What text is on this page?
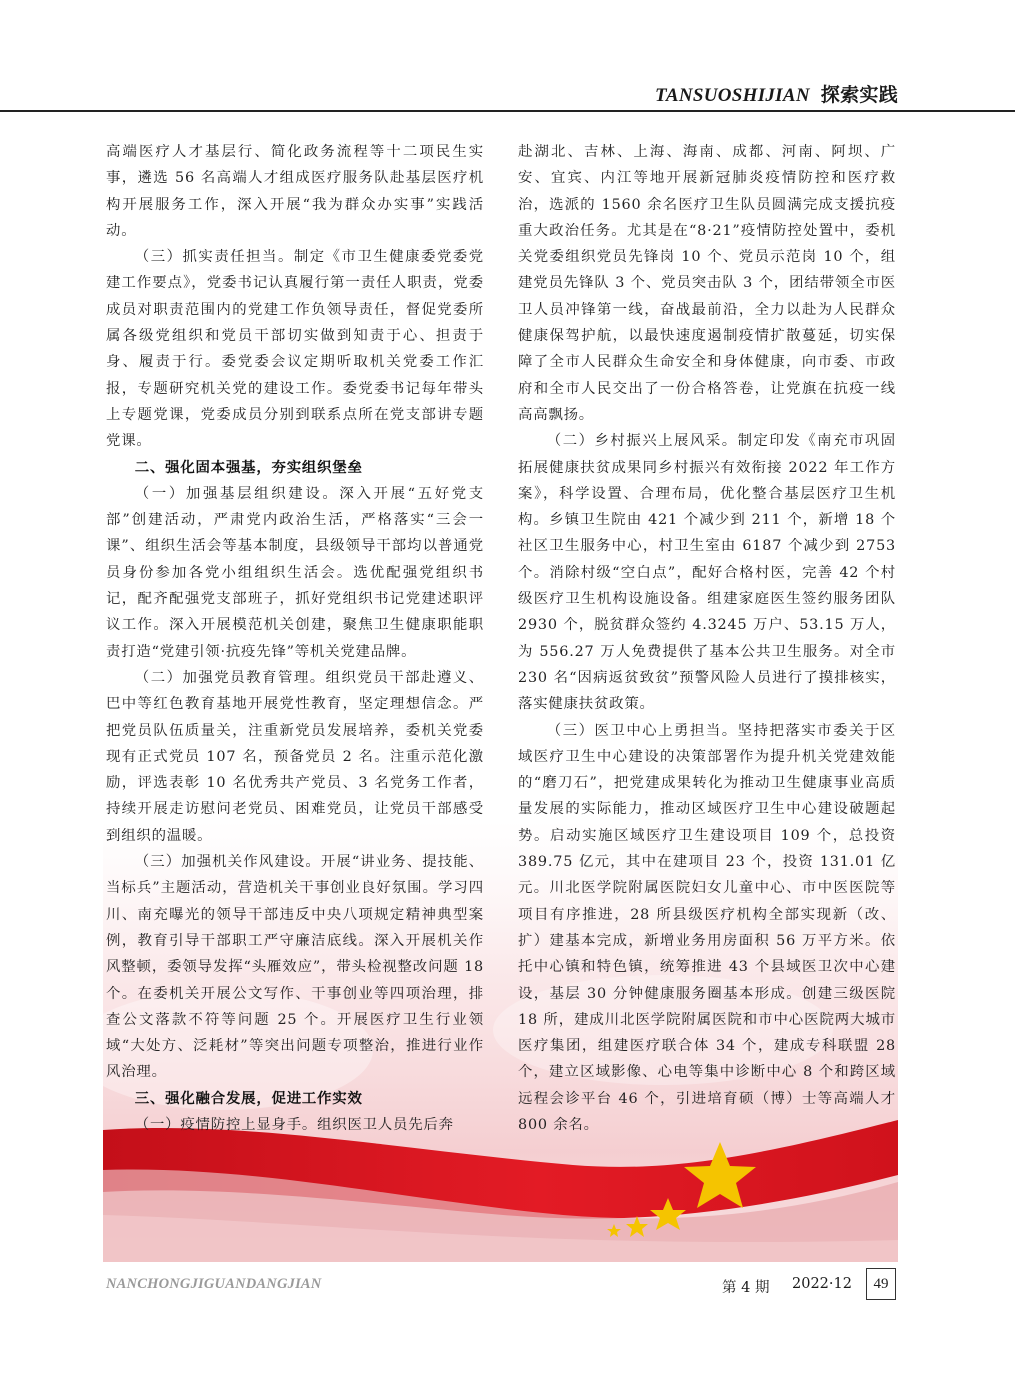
TANSUOSHIJIAN 探索实践

高端医疗人才基层行、简化政务流程等十二项民生实事，遴选 56 名高端人才组成医疗服务队赴基层医疗机构开展服务工作，深入开展“我为群众办实事”实践活动。

（三）抓实责任担当。制定《市卫生健康委党委党建工作要点》，党委书记认真履行第一责任人职责，党委成员对职责范围内的党建工作负领导责任，督促党委所属各级党组织和党员干部切实做到知责于心、担责于身、履责于行。委党委会议定期听取机关党委工作汇报，专题研究机关党的建设工作。委党委书记每年带头上专题党课，党委成员分别到联系点所在党支部讲专题党课。

二、强化固本强基，夯实组织堡垒

（一）加强基层组织建设。深入开展“五好党支部”创建活动，严肃党内政治生活，严格落实“三会一课”、组织生活会等基本制度，县级领导干部均以普通党员身份参加各党小组组织生活会。选优配强党组织书记，配齐配强党支部班子，抓好党组织书记党建述职评议工作。深入开展模范机关创建，聚焦卫生健康职能职责打造“党建引领·抗疫先锋”等机关党建品牌。

（二）加强党员教育管理。组织党员干部赴遵义、巴中等红色教育基地开展党性教育，坚定理想信念。严把党员队伍质量关，注重新党员发展培养，委机关党委现有正式党员 107 名，预备党员 2 名。注重示范化激励，评选表彰 10 名优秀共产党员、3 名党务工作者，持续开展走访慰问老党员、困难党员，让党员干部感受到组织的温暖。

（三）加强机关作风建设。开展“讲业务、提技能、当标兵”主题活动，营造机关干事创业良好氛围。学习四川、南充曝光的领导干部违反中央八项规定精神典型案例，教育引导干部职工严守廉洁底线。深入开展机关作风整顿，委领导发挥“头雁效应”，带头检视整改问题 18 个。在委机关开展公文写作、干事创业等四项治理，排查公文落款不符等问题 25 个。开展医疗卫生行业领域“大处方、泛耗材”等突出问题专项整治，推进行业作风治理。

三、强化融合发展，促进工作实效

（一）疫情防控上显身手。组织医卫人员先后奔

赴湖北、吉林、上海、海南、成都、河南、阿坝、广安、宜宾、内江等地开展新冠肺炎疫情防控和医疗救治，选派的 1560 余名医疗卫生队员圆满完成支援抗疫重大政治任务。尤其是在“8·21”疫情防控处置中，委机关党委组织党员先锋岗 10 个、党员示范岗 10 个，组建党员先锋队 3 个、党员突击队 3 个，团结带领全市医卫人员冲锋第一线，奋战最前沿，全力以赴为人民群众健康保驾护航，以最快速度遏制疫情扩散蔓延，切实保障了全市人民群众生命安全和身体健康，向市委、市政府和全市人民交出了一份合格答卷，让党旗在抗疫一线高高飘扬。

（二）乡村振兴上展风采。制定印发《南充市巩固拓展健康扶贫成果同乡村振兴有效衔接 2022 年工作方案》，科学设置、合理布局，优化整合基层医疗卫生机构。乡镇卫生院由 421 个减少到 211 个，新增 18 个社区卫生服务中心，村卫生室由 6187 个减少到 2753 个。消除村级“空白点”，配好合格村医，完善 42 个村级医疗卫生机构设施设备。组建家庭医生签约服务团队 2930 个，脱贫群众签约 4.3245 万户、53.15 万人，为 556.27 万人免费提供了基本公共卫生服务。对全市 230 名“因病返贫致贫”预警风险人员进行了摸排核实，落实健康扶贫政策。

（三）医卫中心上勇担当。坚持把落实市委关于区域医疗卫生中心建设的决策部署作为提升机关党建效能的“磨刀石”，把党建成果转化为推动卫生健康事业高质量发展的实际能力，推动区域医疗卫生中心建设破题起势。启动实施区域医疗卫生建设项目 109 个，总投资 389.75 亿元，其中在建项目 23 个，投资 131.01 亿元。川北医学院附属医院妇女儿童中心、市中医医院等项目有序推进，28 所县级医疗机构全部实现新（改、扩）建基本完成，新增业务用房面积 56 万平方米。依托中心镇和特色镇，统筹推进 43 个县域医卫次中心建设，基层 30 分钟健康服务圈基本形成。创建三级医院 18 所，建成川北医学院附属医院和市中心医院两大城市医疗集团，组建医疗联合体 34 个，建成专科联盟 28 个，建立区域影像、心电等集中诊断中心 8 个和跨区域远程会诊平台 46 个，引进培育硕（博）士等高端人才 800 余名。

NANCHONGJIGUANDANGJIAN	第 4 期 2022·12	49
